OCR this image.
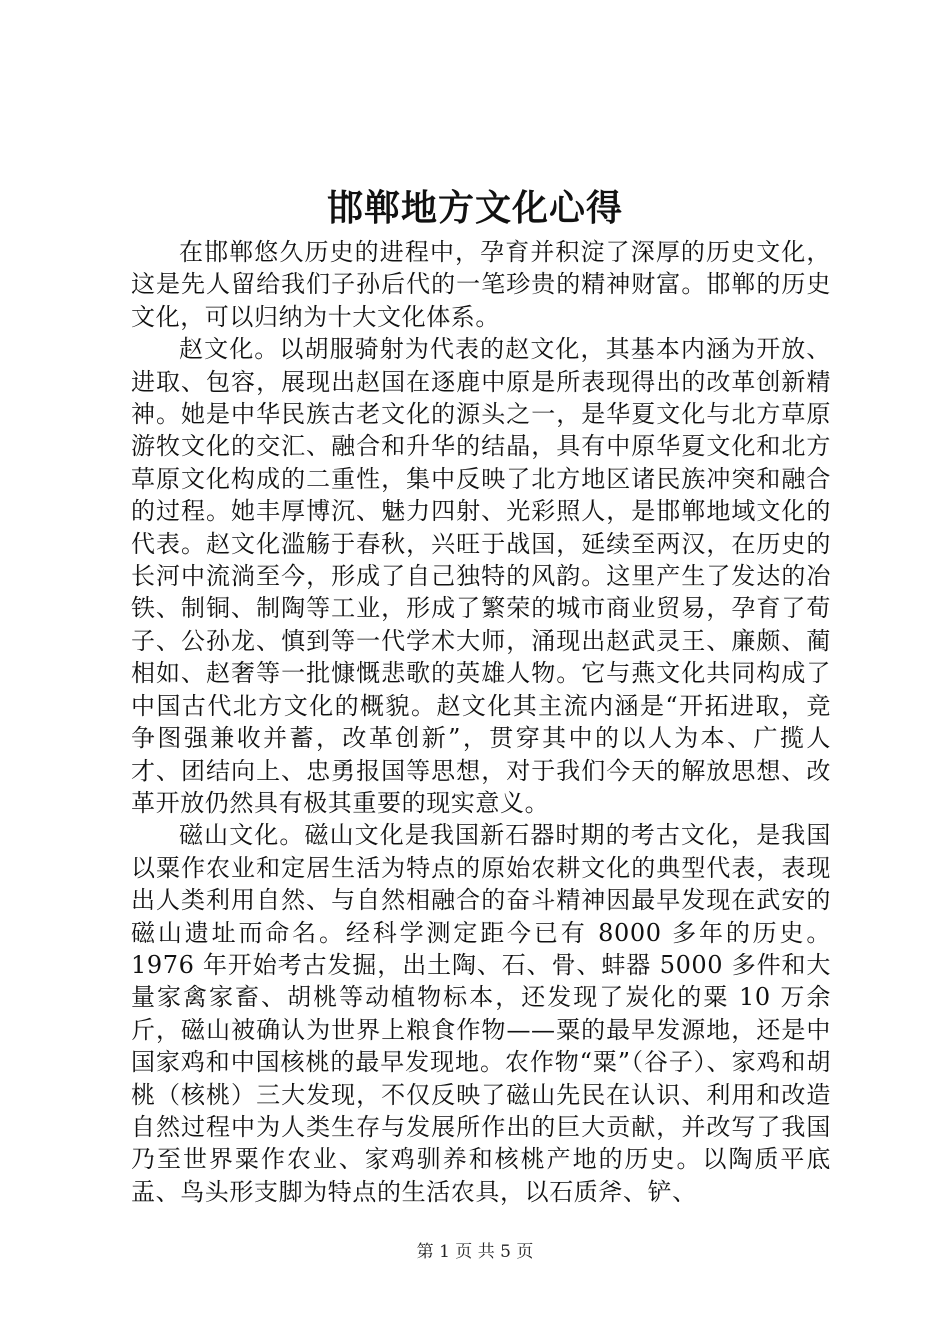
邯郸地方文化心得

在邯郸悠久历史的进程中，孕育并积淀了深厚的历史文化，这是先人留给我们子孙后代的一笔珍贵的精神财富。邯郸的历史文化，可以归纳为十大文化体系。

赵文化。以胡服骑射为代表的赵文化，其基本内涵为开放、进取、包容，展现出赵国在逐鹿中原是所表现得出的改革创新精神。她是中华民族古老文化的源头之一，是华夏文化与北方草原游牧文化的交汇、融合和升华的结晶，具有中原华夏文化和北方草原文化构成的二重性，集中反映了北方地区诸民族冲突和融合的过程。她丰厚博沉、魅力四射、光彩照人，是邯郸地域文化的代表。赵文化滥觞于春秋，兴旺于战国，延续至两汉，在历史的长河中流淌至今，形成了自己独特的风韵。这里产生了发达的冶铁、制铜、制陶等工业，形成了繁荣的城市商业贸易，孕育了荀子、公孙龙、慎到等一代学术大师，涌现出赵武灵王、廉颇、蔺相如、赵奢等一批慷慨悲歌的英雄人物。它与燕文化共同构成了中国古代北方文化的概貌。赵文化其主流内涵是“开拓进取，竞争图强兼收并蓄，改革创新”，贯穿其中的以人为本、广揽人才、团结向上、忠勇报国等思想，对于我们今天的解放思想、改革开放仍然具有极其重要的现实意义。

磁山文化。磁山文化是我国新石器时期的考古文化，是我国以粟作农业和定居生活为特点的原始农耕文化的典型代表，表现出人类利用自然、与自然相融合的奋斗精神因最早发现在武安的磁山遗址而命名。经科学测定距今已有 8000 多年的历史。1976 年开始考古发掘，出土陶、石、骨、蚌器 5000 多件和大量家禽家畜、胡桃等动植物标本，还发现了炭化的粟 10 万余斤，磁山被确认为世界上粮食作物——粟的最早发源地，还是中国家鸡和中国核桃的最早发现地。农作物“粟”（谷子）、家鸡和胡桃（核桃）三大发现，不仅反映了磁山先民在认识、利用和改造自然过程中为人类生存与发展所作出的巨大贡献，并改写了我国乃至世界粟作农业、家鸡驯养和核桃产地的历史。以陶质平底盂、鸟头形支脚为特点的生活农具，以石质斧、铲、

第 1 页 共 5 页
